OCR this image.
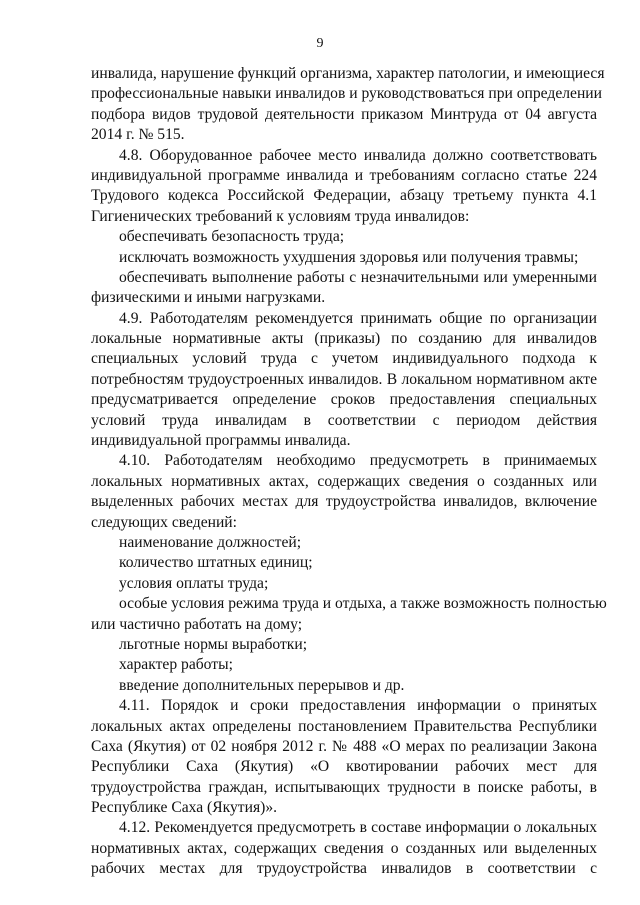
9
инвалида, нарушение функций организма, характер патологии, и имеющиеся
профессиональные навыки инвалидов и руководствоваться при определении
подбора видов трудовой деятельности приказом Минтруда от 04 августа
2014 г. № 515.
4.8. Оборудованное рабочее место инвалида должно соответствовать
индивидуальной программе инвалида и требованиям согласно статье 224
Трудового кодекса Российской Федерации, абзацу третьему пункта 4.1
Гигиенических требований к условиям труда инвалидов:
обеспечивать безопасность труда;
исключать возможность ухудшения здоровья или получения травмы;
обеспечивать выполнение работы с незначительными или умеренными
физическими и иными нагрузками.
4.9. Работодателям рекомендуется принимать общие по организации
локальные нормативные акты (приказы) по созданию для инвалидов
специальных условий труда с учетом индивидуального подхода к
потребностям трудоустроенных инвалидов. В локальном нормативном акте
предусматривается определение сроков предоставления специальных
условий труда инвалидам в соответствии с периодом действия
индивидуальной программы инвалида.
4.10. Работодателям необходимо предусмотреть в принимаемых
локальных нормативных актах, содержащих сведения о созданных или
выделенных рабочих местах для трудоустройства инвалидов, включение
следующих сведений:
наименование должностей;
количество штатных единиц;
условия оплаты труда;
особые условия режима труда и отдыха, а также возможность полностью
или частично работать на дому;
льготные нормы выработки;
характер работы;
введение дополнительных перерывов и др.
4.11. Порядок и сроки предоставления информации о принятых
локальных актах определены постановлением Правительства Республики
Саха (Якутия) от 02 ноября 2012 г. № 488 «О мерах по реализации Закона
Республики Саха (Якутия) «О квотировании рабочих мест для
трудоустройства граждан, испытывающих трудности в поиске работы, в
Республике Саха (Якутия)».
4.12. Рекомендуется предусмотреть в составе информации о локальных
нормативных актах, содержащих сведения о созданных или выделенных
рабочих местах для трудоустройства инвалидов в соответствии с
